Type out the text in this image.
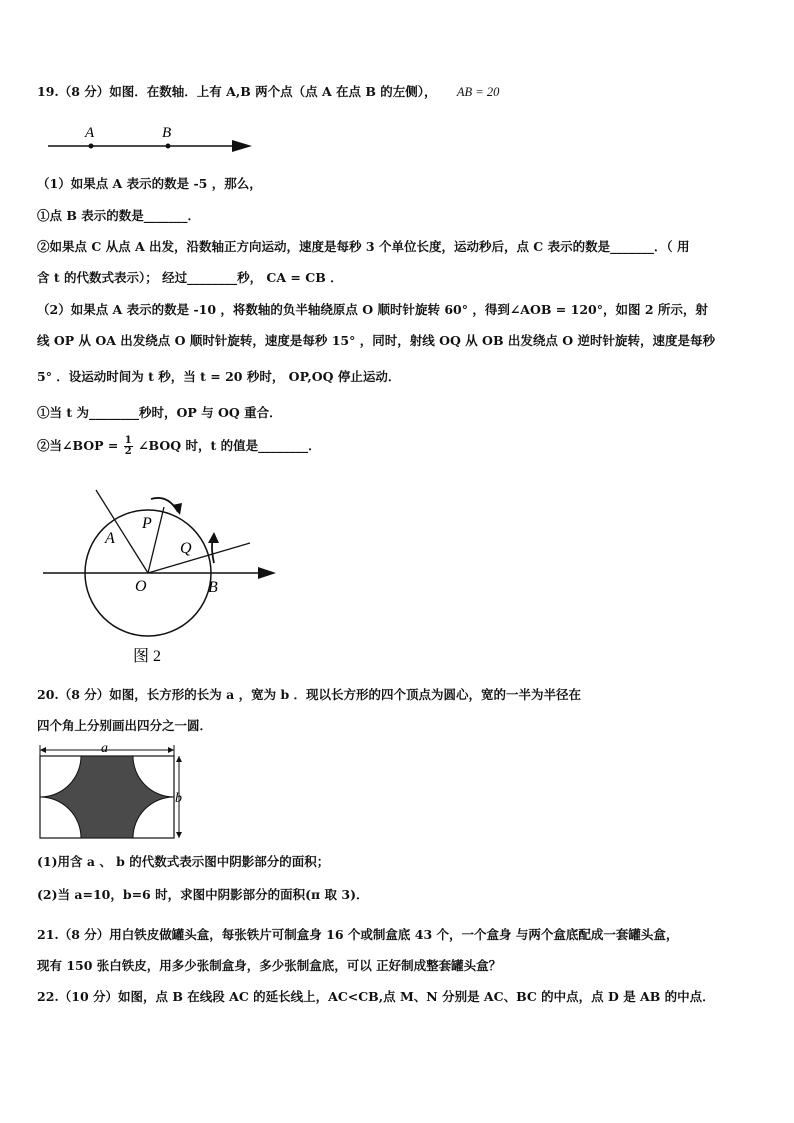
19.（8 分）如图．在数轴．上有 A,B 两个点（点 A 在点 B 的左侧）， AB = 20
A	B
（1）如果点 A 表示的数是 -5 ，那么，
①点 B 表示的数是_______．
②如果点 C 从点 A 出发，沿数轴正方向运动，速度是每秒 3 个单位长度，运动秒后，点 C 表示的数是_______．（ 用
含 t 的代数式表示）； 经过________秒， CA = CB ．
（2）如果点 A 表示的数是 -10 ，将数轴的负半轴绕原点 O 顺时针旋转 60° ，得到∠AOB = 120°，如图 2 所示，射
线 OP 从 OA 出发绕点 O 顺时针旋转，速度是每秒 15° ，同时，射线 OQ 从 OB 出发绕点 O 逆时针旋转，速度是每秒
5° ．设运动时间为 t 秒，当 t = 20 秒时， OP,OQ 停止运动．
①当 t 为________秒时，OP 与 OQ 重合．
②当∠BOP = $\frac{1}{2}$ ∠BOQ 时，t 的值是________．
A
P
Q
O	B
图 2
20.（8 分）如图，长方形的长为 a ，宽为 b ．现以长方形的四个顶点为圆心，宽的一半为半径在
四个角上分别画出四分之一圆．
a
b
(1)用含 a 、 b 的代数式表示图中阴影部分的面积；
(2)当 a=10，b=6 时，求图中阴影部分的面积(π 取 3)．
21.（8 分）用白铁皮做罐头盒，每张铁片可制盒身 16 个或制盒底 43 个，一个盒身 与两个盒底配成一套罐头盒，
现有 150 张白铁皮，用多少张制盒身，多少张制盒底，可以 正好制成整套罐头盒？
22.（10 分）如图，点 B 在线段 AC 的延长线上，AC<CB,点 M、N 分别是 AC、BC 的中点，点 D 是 AB 的中点．
